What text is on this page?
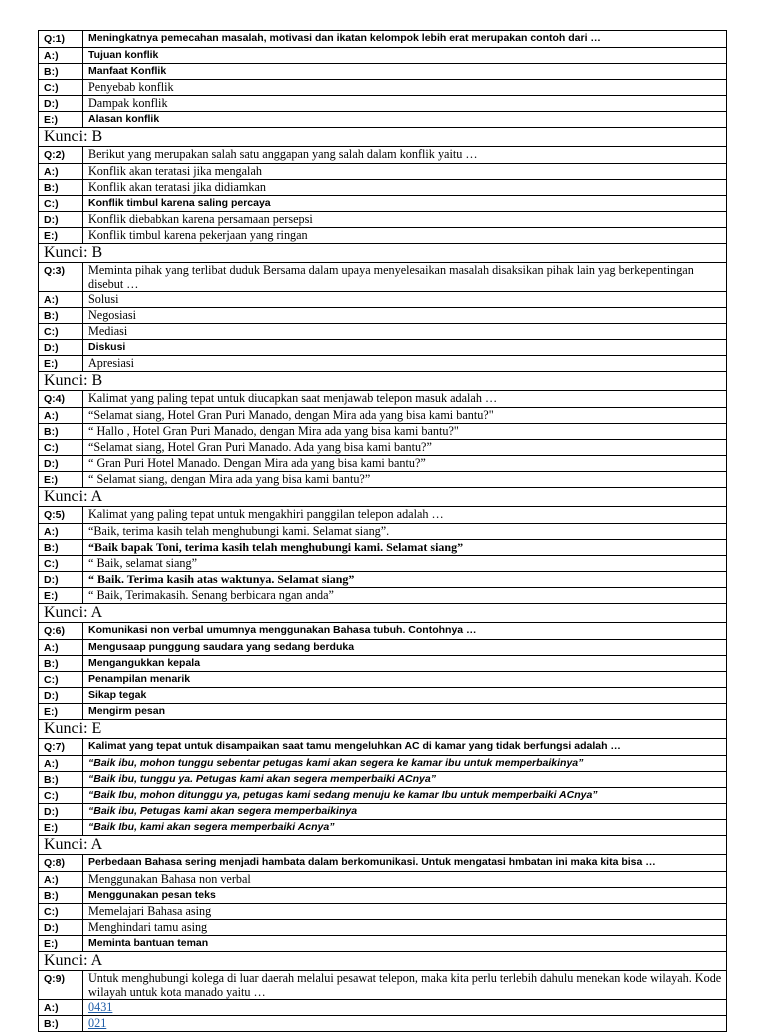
Q:1)	Meningkatnya pemecahan masalah, motivasi dan ikatan kelompok lebih erat merupakan contoh dari …
A:)	Tujuan konflik
B:)	Manfaat Konflik
C:)	Penyebab konflik
D:)	Dampak konflik
E:)	Alasan konflik
Kunci: B	
Q:2)	Berikut yang merupakan salah satu anggapan yang salah dalam konflik yaitu …
A:)	Konflik akan teratasi jika mengalah
B:)	Konflik akan teratasi jika didiamkan
C:)	Konflik timbul karena saling percaya
D:)	Konflik diebabkan karena persamaan persepsi
E:)	Konflik timbul karena pekerjaan yang ringan
Kunci: B	
Q:3)	Meminta pihak yang terlibat duduk Bersama dalam upaya menyelesaikan masalah disaksikan pihak lain yag berkepentingan disebut …
A:)	Solusi
B:)	Negosiasi
C:)	Mediasi
D:)	Diskusi
E:)	Apresiasi
Kunci: B	
Q:4)	Kalimat yang paling tepat untuk diucapkan saat menjawab telepon masuk adalah …
A:)	“Selamat siang, Hotel Gran Puri Manado, dengan Mira ada yang bisa kami bantu?"
B:)	“ Hallo , Hotel Gran Puri Manado, dengan Mira ada yang bisa kami bantu?"
C:)	“Selamat siang, Hotel Gran Puri Manado. Ada yang bisa kami bantu?”
D:)	“ Gran Puri Hotel Manado. Dengan Mira ada yang bisa kami bantu?”
E:)	“ Selamat siang, dengan Mira ada yang bisa kami bantu?”
Kunci: A	
Q:5)	Kalimat yang paling tepat untuk mengakhiri panggilan telepon adalah …
A:)	“Baik, terima kasih telah menghubungi kami. Selamat siang”.
B:)	“Baik bapak Toni, terima kasih telah menghubungi kami. Selamat siang”
C:)	“ Baik, selamat siang”
D:)	“ Baik. Terima kasih atas waktunya. Selamat siang”
E:)	“ Baik, Terimakasih. Senang berbicara ngan anda”
Kunci: A	
Q:6)	Komunikasi non verbal umumnya menggunakan Bahasa tubuh. Contohnya …
A:)	Mengusaap punggung saudara yang sedang berduka
B:)	Mengangukkan kepala
C:)	Penampilan menarik
D:)	Sikap tegak
E:)	Mengirm pesan
Kunci: E	
Q:7)	Kalimat yang tepat untuk disampaikan saat tamu mengeluhkan AC di kamar yang tidak berfungsi adalah …
A:)	“Baik ibu, mohon tunggu sebentar petugas kami akan segera ke kamar ibu untuk memperbaikinya”
B:)	“Baik ibu, tunggu ya. Petugas kami akan segera memperbaiki ACnya”
C:)	“Baik Ibu, mohon ditunggu ya, petugas kami sedang menuju ke kamar Ibu untuk memperbaiki ACnya”
D:)	“Baik ibu, Petugas kami akan segera memperbaikinya
E:)	“Baik Ibu, kami akan segera memperbaiki Acnya”
Kunci: A	
Q:8)	Perbedaan Bahasa sering menjadi hambata dalam berkomunikasi. Untuk mengatasi hmbatan ini maka kita bisa …
A:)	Menggunakan Bahasa non verbal
B:)	Menggunakan pesan teks
C:)	Memelajari Bahasa asing
D:)	Menghindari tamu asing
E:)	Meminta bantuan teman
Kunci: A	
Q:9)	Untuk menghubungi kolega di luar daerah melalui pesawat telepon, maka kita perlu terlebih dahulu menekan kode wilayah. Kode wilayah untuk kota manado yaitu …
A:)	0431
B:)	021
